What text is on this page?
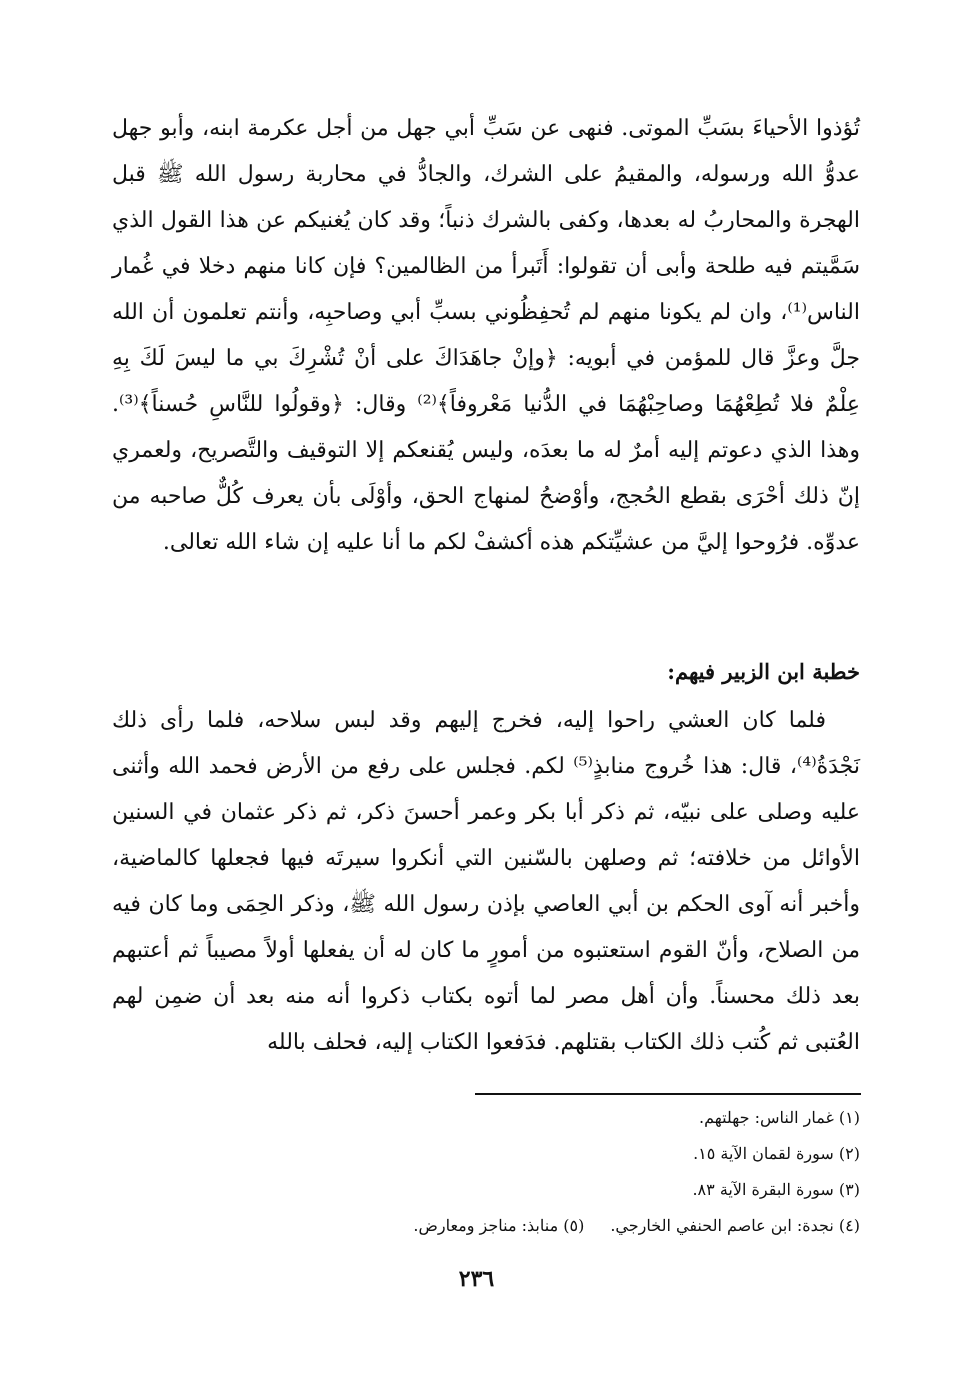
تُؤذوا الأحياءَ بسَبِّ الموتى. فنهى عن سَبِّ أبي جهل من أجل عكرمة ابنه، وأبو جهل عدوُّ الله ورسوله، والمقيمُ على الشرك، والجادُّ في محاربة رسول الله ﷺ قبل الهجرة والمحاربُ له بعدها، وكفى بالشرك ذنباً؛ وقد كان يُغنيكم عن هذا القول الذي سَمَّيتم فيه طلحة وأبى أن تقولوا: أَتَبرأ من الظالمين؟ فإن كانا منهم دخلا في غُمار الناس⁽¹⁾، وان لم يكونا منهم لم تُحفِظُوني بسبِّ أبي وصاحبِه، وأنتم تعلمون أن الله جلَّ وعزَّ قال للمؤمن في أبويه: ﴿وإنْ جاهَدَاكَ على أنْ تُشْرِكَ بي ما ليسَ لَكَ بِهِ عِلْمٌ فلا تُطِعْهُمَا وصاحِبْهُمَا في الدُّنيا مَعْروفاً﴾⁽²⁾ وقال: ﴿وقولُوا للنَّاسِ حُسناً﴾⁽³⁾. وهذا الذي دعوتم إليه أمرٌ له ما بعدَه، وليس يُقنعكم إلا التوقيف والتَّصريح، ولعمري إنّ ذلك أحْرَى بقطع الحُجج، وأوْضحُ لمنهاج الحق، وأوْلَى بأن يعرف كُلٌّ صاحبه من عدوِّه. فرُوحوا إليَّ من عشيِّتكم هذه أكشفْ لكم ما أنا عليه إن شاء الله تعالى.

خطبة ابن الزبير فيهم:

فلما كان العشي راحوا إليه، فخرج إليهم وقد لبس سلاحه، فلما رأى ذلك نَجْدَةُ⁽⁴⁾، قال: هذا خُروج منابذٍ⁽⁵⁾ لكم. فجلس على رفع من الأرض فحمد الله وأثنى عليه وصلى على نبيّه، ثم ذكر أبا بكر وعمر أحسنَ ذكر، ثم ذكر عثمان في السنين الأوائل من خلافته؛ ثم وصلهن بالسّنين التي أنكروا سيرتَه فيها فجعلها كالماضية، وأخبر أنه آوى الحكم بن أبي العاصي بإذن رسول الله ﷺ، وذكر الحِمَى وما كان فيه من الصلاح، وأنّ القوم استعتبوه من أمورٍ ما كان له أن يفعلها أولاً مصيباً ثم أعتبهم بعد ذلك محسناً. وأن أهل مصر لما أتوه بكتاب ذكروا أنه منه بعد أن ضمِن لهم العُتبى ثم كُتب ذلك الكتاب بقتلهم. فدَفعوا الكتاب إليه، فحلف بالله

(١) غمار الناس: جهلتهم.
(٢) سورة لقمان الآية ١٥.
(٣) سورة البقرة الآية ٨٣.
(٤) نجدة: ابن عاصم الحنفي الخارجي.(٥) منابذ: مناجز ومعارض.
٢٣٦
